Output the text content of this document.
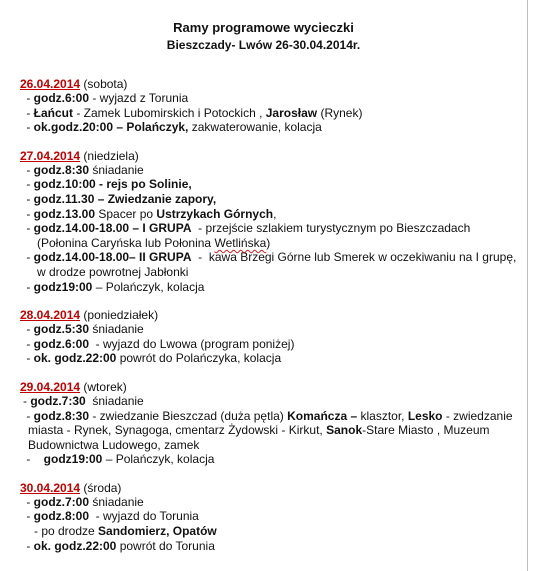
Ramy programowe wycieczki

Bieszczady- Lwów 26-30.04.2014r.

26.04.2014 (sobota)
- godz.6:00 - wyjazd z Torunia
- Łańcut - Zamek Lubomirskich i Potockich , Jarosław (Rynek)
- ok.godz.20:00 – Polańczyk, zakwaterowanie, kolacja
27.04.2014 (niedziela)
- godz.8:30 śniadanie
- godz.10:00 - rejs po Solinie,
- godz.11.30 – Zwiedzanie zapory,
- godz.13.00 Spacer po Ustrzykach Górnych,
- godz.14.00-18.00 – I GRUPA  - przejście szlakiem turystycznym po Bieszczadach
(Połonina Caryńska lub Połonina Wetlińska)
- godz.14.00-18.00– II GRUPA  -  kawa Brzegi Górne lub Smerek w oczekiwaniu na I grupę,
w drodze powrotnej Jabłonki
- godz19:00 – Polańczyk, kolacja
28.04.2014 (poniedziałek)
- godz.5:30 śniadanie
- godz.6:00  - wyjazd do Lwowa (program poniżej)
- ok. godz.22:00 powrót do Polańczyka, kolacja
29.04.2014 (wtorek)
- godz.7:30  śniadanie
- godz.8:30 - zwiedzanie Bieszczad (duża pętla) Komańcza – klasztor, Lesko - zwiedzanie
miasta - Rynek, Synagoga, cmentarz Żydowski - Kirkut, Sanok-Stare Miasto , Muzeum
Budownictwa Ludowego, zamek
-    godz19:00 – Polańczyk, kolacja
30.04.2014 (środa)
- godz.7:00 śniadanie
- godz.8:00  - wyjazd do Torunia
- po drodze Sandomierz, Opatów
- ok. godz.22:00 powrót do Torunia
